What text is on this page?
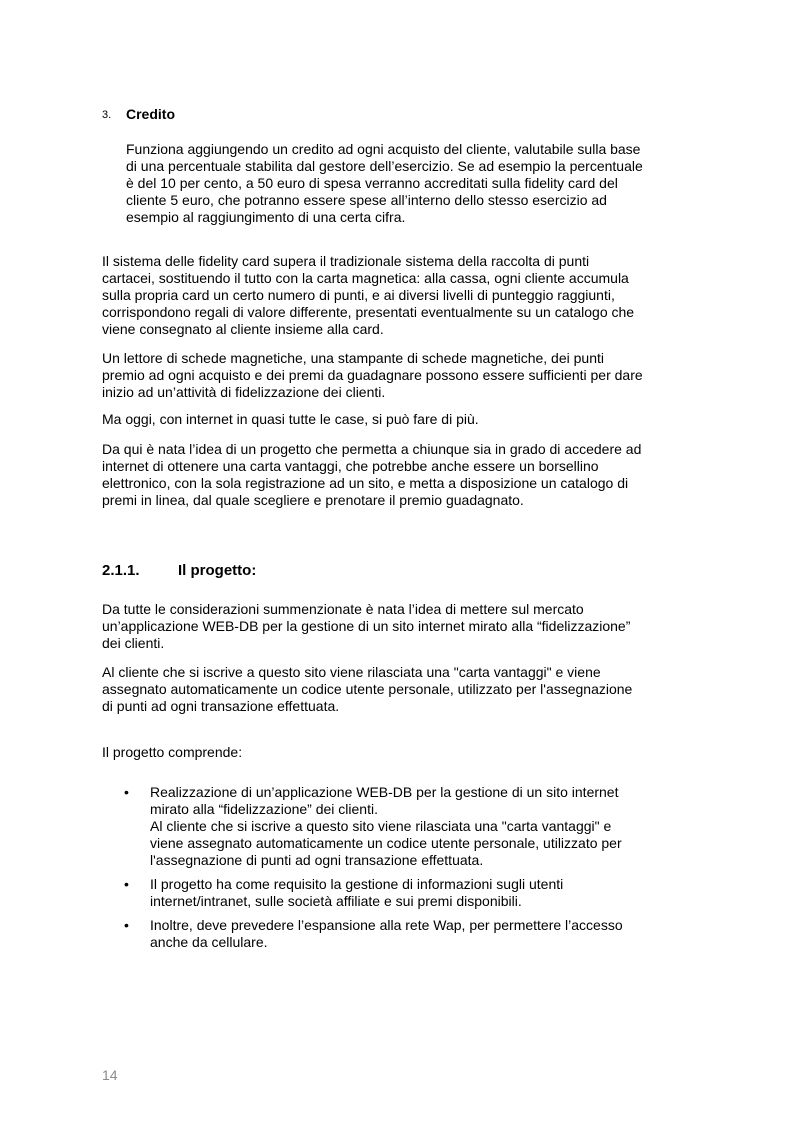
3. Credito
Funziona aggiungendo un credito ad ogni acquisto del cliente, valutabile sulla base
di una percentuale stabilita dal gestore dell’esercizio. Se ad esempio la percentuale
è del 10 per cento, a 50 euro di spesa verranno accreditati sulla fidelity card del
cliente 5 euro, che potranno essere spese all’interno dello stesso esercizio ad
esempio al raggiungimento di una certa cifra.
Il sistema delle fidelity card supera il tradizionale sistema della raccolta di punti
cartacei, sostituendo il tutto con la carta magnetica: alla cassa, ogni cliente accumula
sulla propria card un certo numero di punti, e ai diversi livelli di punteggio raggiunti,
corrispondono regali di valore differente, presentati eventualmente su un catalogo che
viene consegnato al cliente insieme alla card.
Un lettore di schede magnetiche, una stampante di schede magnetiche, dei punti
premio ad ogni acquisto e dei premi da guadagnare possono essere sufficienti per dare
inizio ad un’attività di fidelizzazione dei clienti.
Ma oggi, con internet in quasi tutte le case, si può fare di più.
Da qui è nata l’idea di un progetto che permetta a chiunque sia in grado di accedere ad
internet di ottenere una carta vantaggi, che potrebbe anche essere un borsellino
elettronico, con la sola registrazione ad un sito, e metta a disposizione un catalogo di
premi in linea, dal quale scegliere e prenotare il premio guadagnato.
2.1.1.	Il progetto:
Da tutte le considerazioni summenzionate è nata l’idea di mettere sul mercato
un’applicazione WEB-DB per la gestione di un sito internet mirato alla “fidelizzazione”
dei clienti.
Al cliente che si iscrive a questo sito viene rilasciata una "carta vantaggi" e viene
assegnato automaticamente un codice utente personale, utilizzato per l'assegnazione
di punti ad ogni transazione effettuata.
Il progetto comprende:
• Realizzazione di un’applicazione WEB-DB per la gestione di un sito internet
mirato alla “fidelizzazione” dei clienti.
Al cliente che si iscrive a questo sito viene rilasciata una "carta vantaggi" e
viene assegnato automaticamente un codice utente personale, utilizzato per
l'assegnazione di punti ad ogni transazione effettuata.
• Il progetto ha come requisito la gestione di informazioni sugli utenti
internet/intranet, sulle società affiliate e sui premi disponibili.
• Inoltre, deve prevedere l’espansione alla rete Wap, per permettere l’accesso
anche da cellulare.
14
